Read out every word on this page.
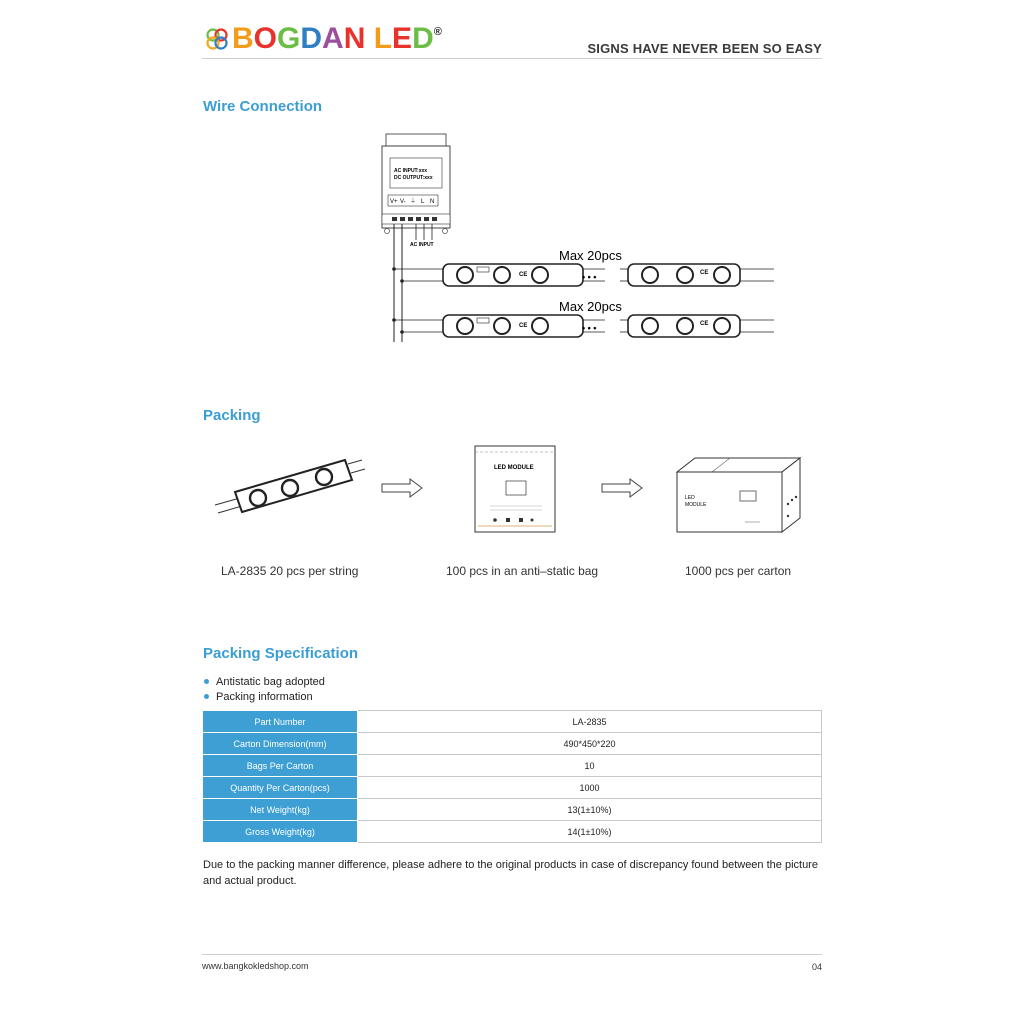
BOGDAN LED ®
SIGNS HAVE NEVER BEEN SO EASY
Wire Connection
AC INPUT:xxx
DC OUTPUT:xxx
V+ V- ⏚ L N
AC INPUT
Max 20pcs
CE	• • •	CE
Max 20pcs
CE	• • •	CE
Packing
LED MODULE
LED
MODULE
LA-2835 20 pcs per string	100 pcs in an anti–static bag	1000 pcs per carton
Packing Specification
Antistatic bag adopted
Packing information
Part Number	LA-2835
Carton Dimension(mm)	490*450*220
Bags Per Carton	10
Quantity Per Carton(pcs)	1000
Net Weight(kg)	13(1±10%)
Gross Weight(kg)	14(1±10%)
Due to the packing manner difference, please adhere to the original products in case of discrepancy found between the picture and actual product.
www.bangkokledshop.com	04
